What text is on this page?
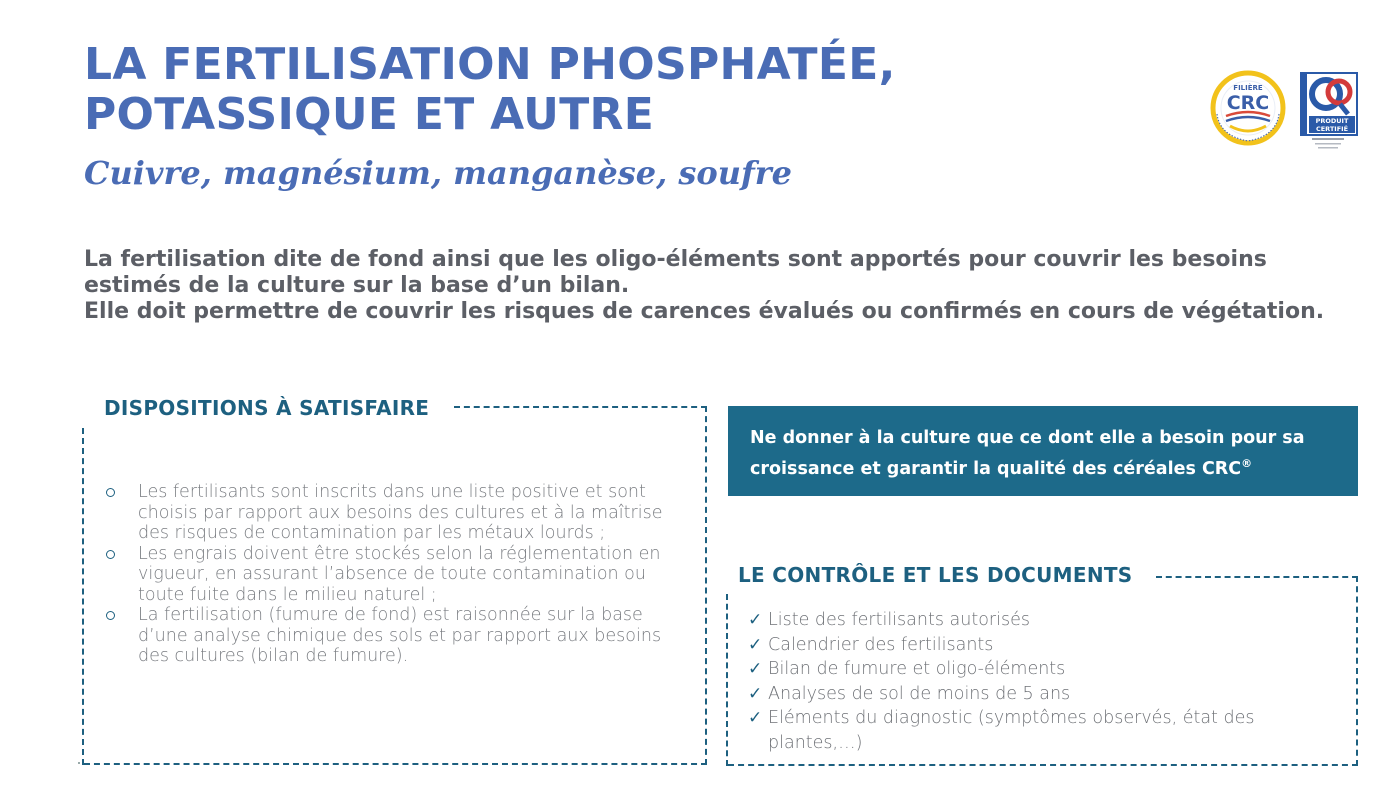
LA FERTILISATION PHOSPHATÉE,
POTASSIQUE ET AUTRE
Cuivre, magnésium, manganèse, soufre
FILIÈRE
CRC
PRODUIT
CERTIFIÉ

La fertilisation dite de fond ainsi que les oligo-éléments sont apportés pour couvrir les besoins estimés de la culture sur la base d’un bilan.

Elle doit permettre de couvrir les risques de carences évalués ou confirmés en cours de végétation.

DISPOSITIONS À SATISFAIRE
Les fertilisants sont inscrits dans une liste positive et sont choisis par rapport aux besoins des cultures et à la maîtrise des risques de contamination par les métaux lourds ;
Les engrais doivent être stockés selon la réglementation en vigueur, en assurant l’absence de toute contamination ou toute fuite dans le milieu naturel ;
La fertilisation (fumure de fond) est raisonnée sur la base d’une analyse chimique des sols et par rapport aux besoins des cultures (bilan de fumure).
Ne donner à la culture que ce dont elle a besoin pour sa croissance et garantir la qualité des céréales CRC®
LE CONTRÔLE ET LES DOCUMENTS
✓ Liste des fertilisants autorisés
✓ Calendrier des fertilisants
✓ Bilan de fumure et oligo-éléments
✓ Analyses de sol de moins de 5 ans
✓ Eléments du diagnostic (symptômes observés, état des plantes,…)
